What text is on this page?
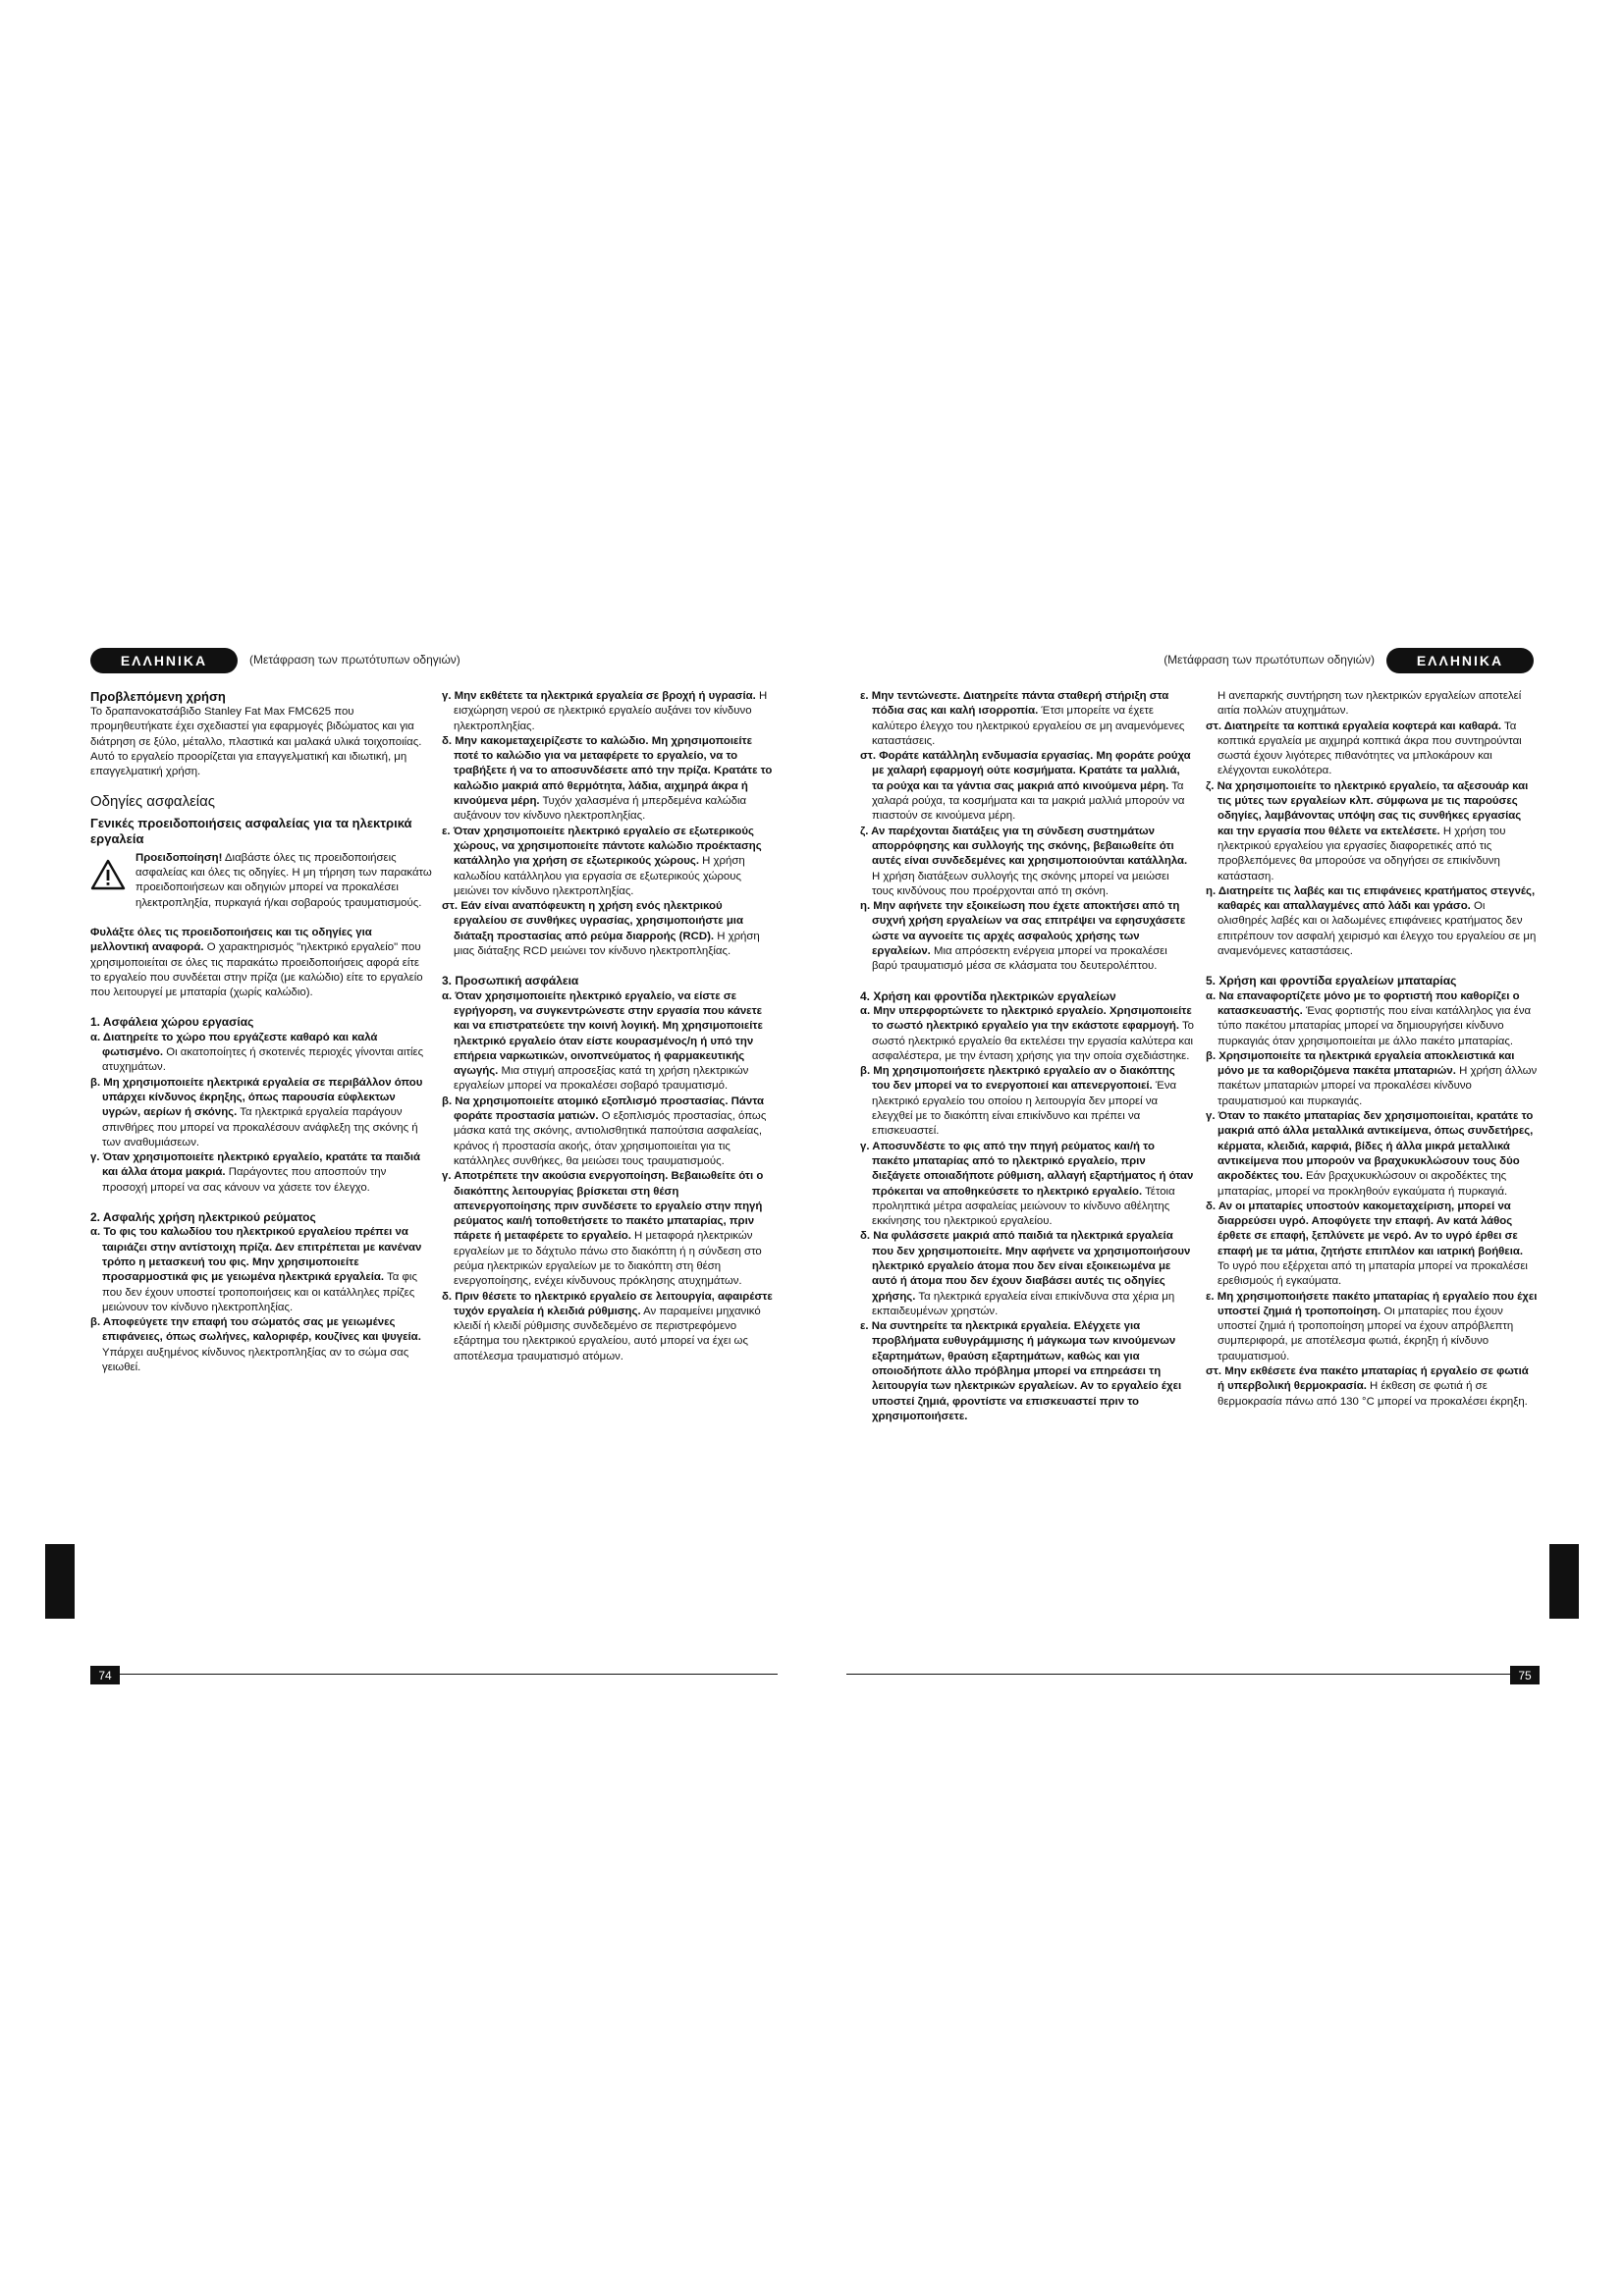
ΕΛΛΗΝΙΚΑ	(Μετάφραση των πρωτότυπων οδηγιών)	(Μετάφραση των πρωτότυπων οδηγιών)	ΕΛΛΗΝΙΚΑ
Προβλεπόμενη χρήση

Το δραπανοκατσάβιδο Stanley Fat Max FMC625 που προμηθευτήκατε έχει σχεδιαστεί για εφαρμογές βιδώματος και για διάτρηση σε ξύλο, μέταλλο, πλαστικά και μαλακά υλικά τοιχοποιίας. Αυτό το εργαλείο προορίζεται για επαγγελματική και ιδιωτική, μη επαγγελματική χρήση.

Οδηγίες ασφαλείας
Γενικές προειδοποιήσεις ασφαλείας για τα ηλεκτρικά εργαλεία

Προειδοποίηση! Διαβάστε όλες τις προειδοποιήσεις ασφαλείας και όλες τις οδηγίες. Η μη τήρηση των παρακάτω προειδοποιήσεων και οδηγιών μπορεί να προκαλέσει ηλεκτροπληξία, πυρκαγιά ή/και σοβαρούς τραυματισμούς.

Φυλάξτε όλες τις προειδοποιήσεις και τις οδηγίες για μελλοντική αναφορά. Ο χαρακτηρισμός "ηλεκτρικό εργαλείο" που χρησιμοποιείται σε όλες τις παρακάτω προειδοποιήσεις αφορά είτε το εργαλείο που συνδέεται στην πρίζα (με καλώδιο) είτε το εργαλείο που λειτουργεί με μπαταρία (χωρίς καλώδιο).

1. Ασφάλεια χώρου εργασίας

α. Διατηρείτε το χώρο που εργάζεστε καθαρό και καλά φωτισμένο. Οι ακατοπoίητες ή σκοτεινές περιοχές γίνονται αιτίες ατυχημάτων.

β. Μη χρησιμοποιείτε ηλεκτρικά εργαλεία σε περιβάλλον όπου υπάρχει κίνδυνος έκρηξης, όπως παρουσία εύφλεκτων υγρών, αερίων ή σκόνης. Τα ηλεκτρικά εργαλεία παράγουν σπινθήρες που μπορεί να προκαλέσουν ανάφλεξη της σκόνης ή των αναθυμιάσεων.

γ. Όταν χρησιμοποιείτε ηλεκτρικό εργαλείο, κρατάτε τα παιδιά και άλλα άτομα μακριά. Παράγοντες που αποσπούν την προσοχή μπορεί να σας κάνουν να χάσετε τον έλεγχο.

2. Ασφαλής χρήση ηλεκτρικού ρεύματος

α. Το φις του καλωδίου του ηλεκτρικού εργαλείου πρέπει να ταιριάζει στην αντίστοιχη πρίζα. Δεν επιτρέπεται με κανέναν τρόπο η μετασκευή του φις. Μην χρησιμοποιείτε προσαρμοστικά φις με γειωμένα ηλεκτρικά εργαλεία. Τα φις που δεν έχουν υποστεί τροποποιήσεις και οι κατάλληλες πρίζες μειώνουν τον κίνδυνο ηλεκτροπληξίας.

β. Αποφεύγετε την επαφή του σώματός σας με γειωμένες επιφάνειες, όπως σωλήνες, καλοριφέρ, κουζίνες και ψυγεία. Υπάρχει αυξημένος κίνδυνος ηλεκτροπληξίας αν το σώμα σας γειωθεί.

γ. Μην εκθέτετε τα ηλεκτρικά εργαλεία σε βροχή ή υγρασία. Η εισχώρηση νερού σε ηλεκτρικό εργαλείο αυξάνει τον κίνδυνο ηλεκτροπληξίας.

δ. Μην κακομεταχειρίζεστε το καλώδιο. Μη χρησιμοποιείτε ποτέ το καλώδιο για να μεταφέρετε το εργαλείο, να το τραβήξετε ή να το αποσυνδέσετε από την πρίζα. Κρατάτε το καλώδιο μακριά από θερμότητα, λάδια, αιχμηρά άκρα ή κινούμενα μέρη. Τυχόν χαλασμένα ή μπερδεμένα καλώδια αυξάνουν τον κίνδυνο ηλεκτροπληξίας.

ε. Όταν χρησιμοποιείτε ηλεκτρικό εργαλείο σε εξωτερικούς χώρους, να χρησιμοποιείτε πάντοτε καλώδιο προέκτασης κατάλληλο για χρήση σε εξωτερικούς χώρους. Η χρήση καλωδίου κατάλληλου για εργασία σε εξωτερικούς χώρους μειώνει τον κίνδυνο ηλεκτροπληξίας.

στ. Εάν είναι αναπόφευκτη η χρήση ενός ηλεκτρικού εργαλείου σε συνθήκες υγρασίας, χρησιμοποιήστε μια διάταξη προστασίας από ρεύμα διαρροής (RCD). Η χρήση μιας διάταξης RCD μειώνει τον κίνδυνο ηλεκτροπληξίας.

3. Προσωπική ασφάλεια

α. Όταν χρησιμοποιείτε ηλεκτρικό εργαλείο, να είστε σε εγρήγορση, να συγκεντρώνεστε στην εργασία που κάνετε και να επιστρατεύετε την κοινή λογική. Μη χρησιμοποιείτε ηλεκτρικό εργαλείο όταν είστε κουρασμένος/η ή υπό την επήρεια ναρκωτικών, οινοπνεύματος ή φαρμακευτικής αγωγής. Μια στιγμή απροσεξίας κατά τη χρήση ηλεκτρικών εργαλείων μπορεί να προκαλέσει σοβαρό τραυματισμό.

β. Να χρησιμοποιείτε ατομικό εξοπλισμό προστασίας. Πάντα φοράτε προστασία ματιών. Ο εξοπλισμός προστασίας, όπως μάσκα κατά της σκόνης, αντιολισθητικά παπούτσια ασφαλείας, κράνος ή προστασία ακοής, όταν χρησιμοποιείται για τις κατάλληλες συνθήκες, θα μειώσει τους τραυματισμούς.

γ. Αποτρέπετε την ακούσια ενεργοποίηση. Βεβαιωθείτε ότι ο διακόπτης λειτουργίας βρίσκεται στη θέση απενεργοποίησης πριν συνδέσετε το εργαλείο στην πηγή ρεύματος και/ή τοποθετήσετε το πακέτο μπαταρίας, πριν πάρετε ή μεταφέρετε το εργαλείο. Η μεταφορά ηλεκτρικών εργαλείων με το δάχτυλο πάνω στο διακόπτη ή η σύνδεση στο ρεύμα ηλεκτρικών εργαλείων με το διακόπτη στη θέση ενεργοποίησης, ενέχει κίνδυνους πρόκλησης ατυχημάτων.

δ. Πριν θέσετε το ηλεκτρικό εργαλείο σε λειτουργία, αφαιρέστε τυχόν εργαλεία ή κλειδιά ρύθμισης. Αν παραμείνει μηχανικό κλειδί ή κλειδί ρύθμισης συνδεδεμένο σε περιστρεφόμενο εξάρτημα του ηλεκτρικού εργαλείου, αυτό μπορεί να έχει ως αποτέλεσμα τραυματισμό ατόμων.

ε. Μην τεντώνεστε. Διατηρείτε πάντα σταθερή στήριξη στα πόδια σας και καλή ισορροπία. Έτσι μπορείτε να έχετε καλύτερο έλεγχο του ηλεκτρικού εργαλείου σε μη αναμενόμενες καταστάσεις.

στ. Φοράτε κατάλληλη ενδυμασία εργασίας. Μη φοράτε ρούχα με χαλαρή εφαρμογή ούτε κοσμήματα. Κρατάτε τα μαλλιά, τα ρούχα και τα γάντια σας μακριά από κινούμενα μέρη. Τα χαλαρά ρούχα, τα κοσμήματα και τα μακριά μαλλιά μπορούν να πιαστούν σε κινούμενα μέρη.

ζ. Αν παρέχονται διατάξεις για τη σύνδεση συστημάτων απορρόφησης και συλλογής της σκόνης, βεβαιωθείτε ότι αυτές είναι συνδεδεμένες και χρησιμοποιούνται κατάλληλα. Η χρήση διατάξεων συλλογής της σκόνης μπορεί να μειώσει τους κινδύνους που προέρχονται από τη σκόνη.

η. Μην αφήνετε την εξοικείωση που έχετε αποκτήσει από τη συχνή χρήση εργαλείων να σας επιτρέψει να εφησυχάσετε ώστε να αγνοείτε τις αρχές ασφαλούς χρήσης των εργαλείων. Μια απρόσεκτη ενέργεια μπορεί να προκαλέσει βαρύ τραυματισμό μέσα σε κλάσματα του δευτερολέπτου.

4. Χρήση και φροντίδα ηλεκτρικών εργαλείων

α. Μην υπερφορτώνετε το ηλεκτρικό εργαλείο. Χρησιμοποιείτε το σωστό ηλεκτρικό εργαλείο για την εκάστοτε εφαρμογή. Το σωστό ηλεκτρικό εργαλείο θα εκτελέσει την εργασία καλύτερα και ασφαλέστερα, με την ένταση χρήσης για την οποία σχεδιάστηκε.

β. Μη χρησιμοποιήσετε ηλεκτρικό εργαλείο αν ο διακόπτης του δεν μπορεί να το ενεργοποιεί και απενεργοποιεί. Ένα ηλεκτρικό εργαλείο του οποίου η λειτουργία δεν μπορεί να ελεγχθεί με το διακόπτη είναι επικίνδυνο και πρέπει να επισκευαστεί.

γ. Αποσυνδέστε το φις από την πηγή ρεύματος και/ή το πακέτο μπαταρίας από το ηλεκτρικό εργαλείο, πριν διεξάγετε οποιαδήποτε ρύθμιση, αλλαγή εξαρτήματος ή όταν πρόκειται να αποθηκεύσετε το ηλεκτρικό εργαλείο. Τέτοια προληπτικά μέτρα ασφαλείας μειώνουν το κίνδυνο αθέλητης εκκίνησης του ηλεκτρικού εργαλείου.

δ. Να φυλάσσετε μακριά από παιδιά τα ηλεκτρικά εργαλεία που δεν χρησιμοποιείτε. Μην αφήνετε να χρησιμοποιήσουν ηλεκτρικό εργαλείο άτομα που δεν είναι εξοικειωμένα με αυτό ή άτομα που δεν έχουν διαβάσει αυτές τις οδηγίες χρήσης. Τα ηλεκτρικά εργαλεία είναι επικίνδυνα στα χέρια μη εκπαιδευμένων χρηστών.

ε. Να συντηρείτε τα ηλεκτρικά εργαλεία. Ελέγχετε για προβλήματα ευθυγράμμισης ή μάγκωμα των κινούμενων εξαρτημάτων, θραύση εξαρτημάτων, καθώς και για οποιοδήποτε άλλο πρόβλημα μπορεί να επηρεάσει τη λειτουργία των ηλεκτρικών εργαλείων. Αν το εργαλείο έχει υποστεί ζημιά, φροντίστε να επισκευαστεί πριν το χρησιμοποιήσετε.

Η ανεπαρκής συντήρηση των ηλεκτρικών εργαλείων αποτελεί αιτία πολλών ατυχημάτων.

στ. Διατηρείτε τα κοπτικά εργαλεία κοφτερά και καθαρά. Τα κοπτικά εργαλεία με αιχμηρά κοπτικά άκρα που συντηρούνται σωστά έχουν λιγότερες πιθανότητες να μπλοκάρουν και ελέγχονται ευκολότερα.

ζ. Να χρησιμοποιείτε το ηλεκτρικό εργαλείο, τα αξεσουάρ και τις μύτες των εργαλείων κλπ. σύμφωνα με τις παρούσες οδηγίες, λαμβάνοντας υπόψη σας τις συνθήκες εργασίας και την εργασία που θέλετε να εκτελέσετε. Η χρήση του ηλεκτρικού εργαλείου για εργασίες διαφορετικές από τις προβλεπόμενες θα μπορούσε να οδηγήσει σε επικίνδυνη κατάσταση.

η. Διατηρείτε τις λαβές και τις επιφάνειες κρατήματος στεγνές, καθαρές και απαλλαγμένες από λάδι και γράσο. Οι ολισθηρές λαβές και οι λαδωμένες επιφάνειες κρατήματος δεν επιτρέπουν τον ασφαλή χειρισμό και έλεγχο του εργαλείου σε μη αναμενόμενες καταστάσεις.

5. Χρήση και φροντίδα εργαλείων μπαταρίας

α. Να επαναφορτίζετε μόνο με το φορτιστή που καθορίζει ο κατασκευαστής. Ένας φορτιστής που είναι κατάλληλος για ένα τύπο πακέτου μπαταρίας μπορεί να δημιουργήσει κίνδυνο πυρκαγιάς όταν χρησιμοποιείται με άλλο πακέτο μπαταρίας.

β. Χρησιμοποιείτε τα ηλεκτρικά εργαλεία αποκλειστικά και μόνο με τα καθοριζόμενα πακέτα μπαταριών. Η χρήση άλλων πακέτων μπαταριών μπορεί να προκαλέσει κίνδυνο τραυματισμού και πυρκαγιάς.

γ. Όταν το πακέτο μπαταρίας δεν χρησιμοποιείται, κρατάτε το μακριά από άλλα μεταλλικά αντικείμενα, όπως συνδετήρες, κέρματα, κλειδιά, καρφιά, βίδες ή άλλα μικρά μεταλλικά αντικείμενα που μπορούν να βραχυκυκλώσουν τους δύο ακροδέκτες του. Εάν βραχυκυκλώσουν οι ακροδέκτες της μπαταρίας, μπορεί να προκληθούν εγκαύματα ή πυρκαγιά.

δ. Αν οι μπαταρίες υποστούν κακομεταχείριση, μπορεί να διαρρεύσει υγρό. Αποφύγετε την επαφή. Αν κατά λάθος έρθετε σε επαφή, ξεπλύνετε με νερό. Αν το υγρό έρθει σε επαφή με τα μάτια, ζητήστε επιπλέον και ιατρική βοήθεια. Το υγρό που εξέρχεται από τη μπαταρία μπορεί να προκαλέσει ερεθισμούς ή εγκαύματα.

ε. Μη χρησιμοποιήσετε πακέτο μπαταρίας ή εργαλείο που έχει υποστεί ζημιά ή τροποποίηση. Οι μπαταρίες που έχουν υποστεί ζημιά ή τροποποίηση μπορεί να έχουν απρόβλεπτη συμπεριφορά, με αποτέλεσμα φωτιά, έκρηξη ή κίνδυνο τραυματισμού.

στ. Μην εκθέσετε ένα πακέτο μπαταρίας ή εργαλείο σε φωτιά ή υπερβολική θερμοκρασία. Η έκθεση σε φωτιά ή σε θερμοκρασία πάνω από 130 °C μπορεί να προκαλέσει έκρηξη.

74	75
